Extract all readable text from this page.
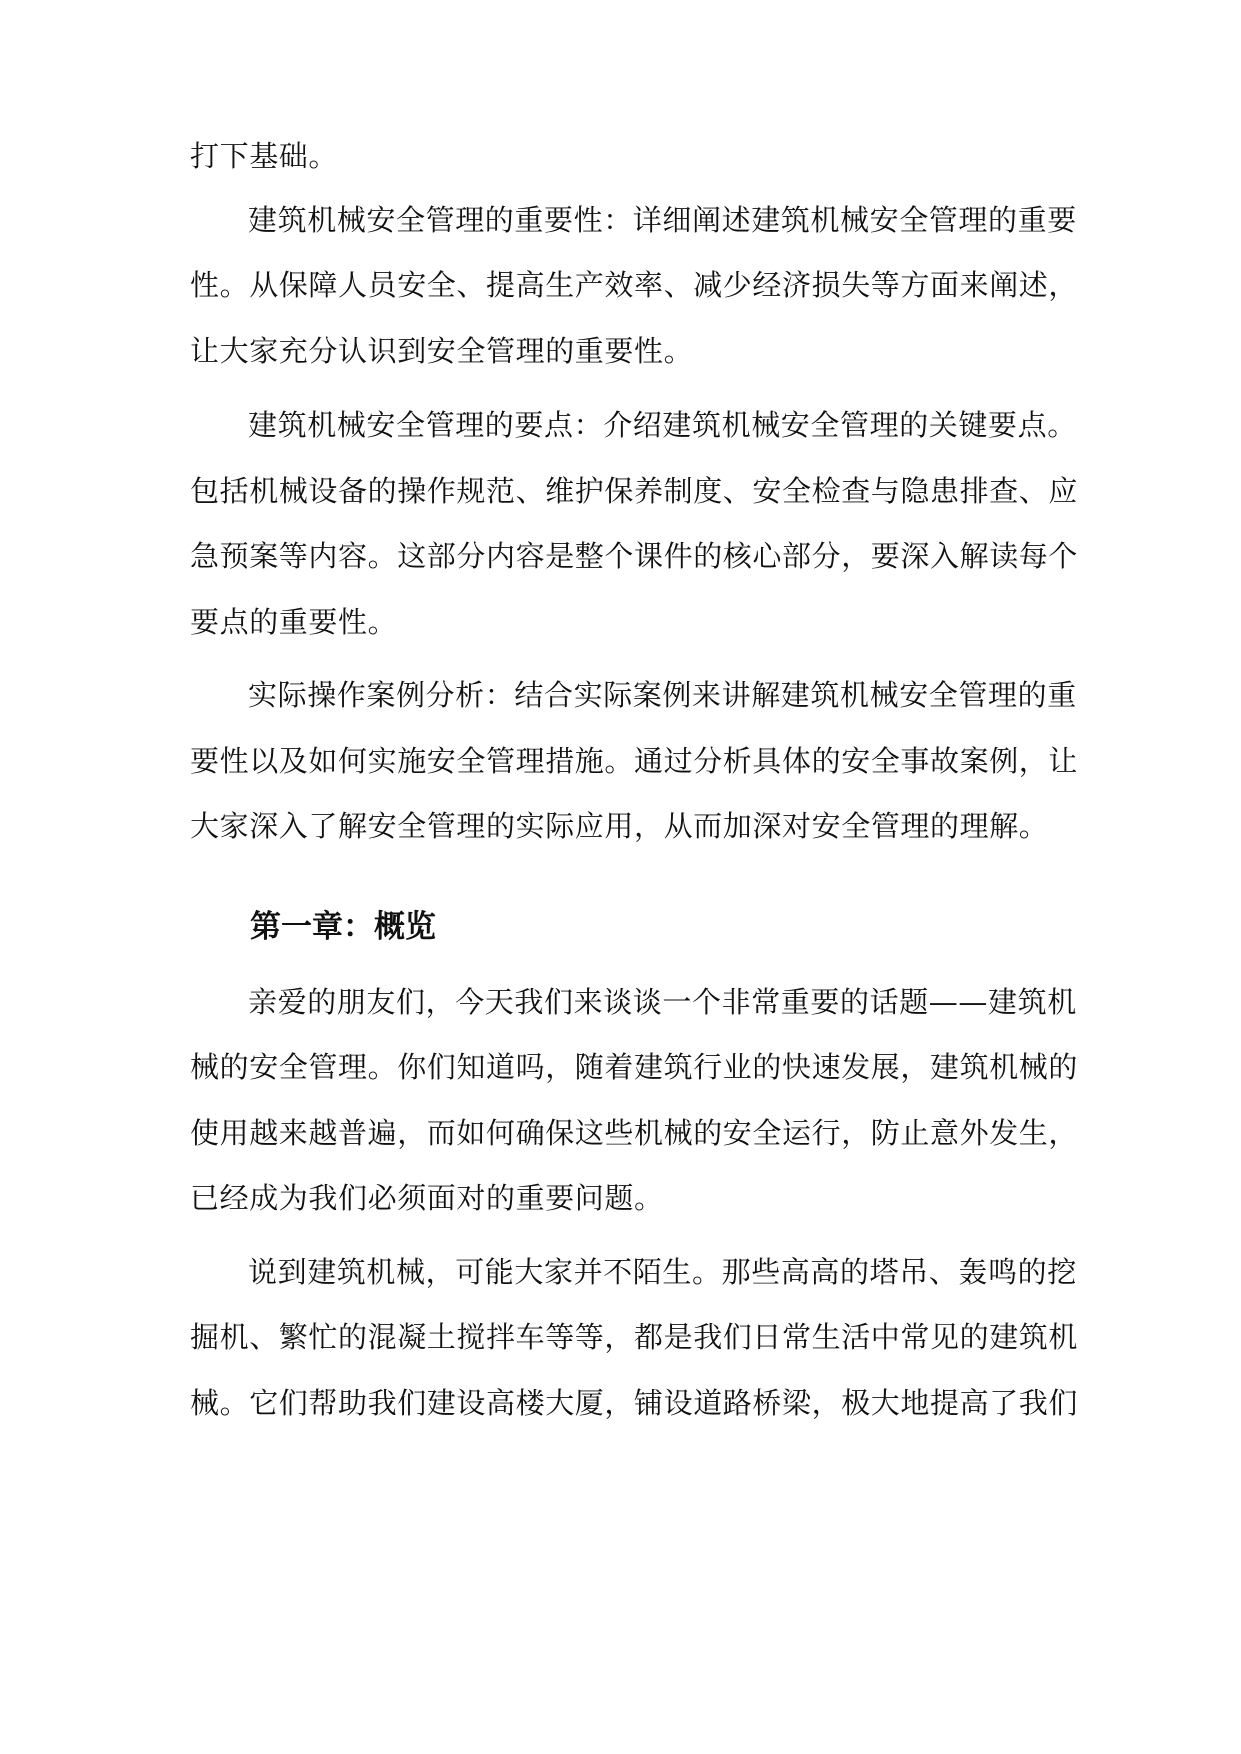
打下基础。
建筑机械安全管理的重要性：详细阐述建筑机械安全管理的重要
性。从保障人员安全、提高生产效率、减少经济损失等方面来阐述，
让大家充分认识到安全管理的重要性。
建筑机械安全管理的要点：介绍建筑机械安全管理的关键要点。
包括机械设备的操作规范、维护保养制度、安全检查与隐患排查、应
急预案等内容。这部分内容是整个课件的核心部分，要深入解读每个
要点的重要性。
实际操作案例分析：结合实际案例来讲解建筑机械安全管理的重
要性以及如何实施安全管理措施。通过分析具体的安全事故案例，让
大家深入了解安全管理的实际应用，从而加深对安全管理的理解。
第一章：概览
亲爱的朋友们，今天我们来谈谈一个非常重要的话题——建筑机
械的安全管理。你们知道吗，随着建筑行业的快速发展，建筑机械的
使用越来越普遍，而如何确保这些机械的安全运行，防止意外发生，
已经成为我们必须面对的重要问题。
说到建筑机械，可能大家并不陌生。那些高高的塔吊、轰鸣的挖
掘机、繁忙的混凝土搅拌车等等，都是我们日常生活中常见的建筑机
械。它们帮助我们建设高楼大厦，铺设道路桥梁，极大地提高了我们
